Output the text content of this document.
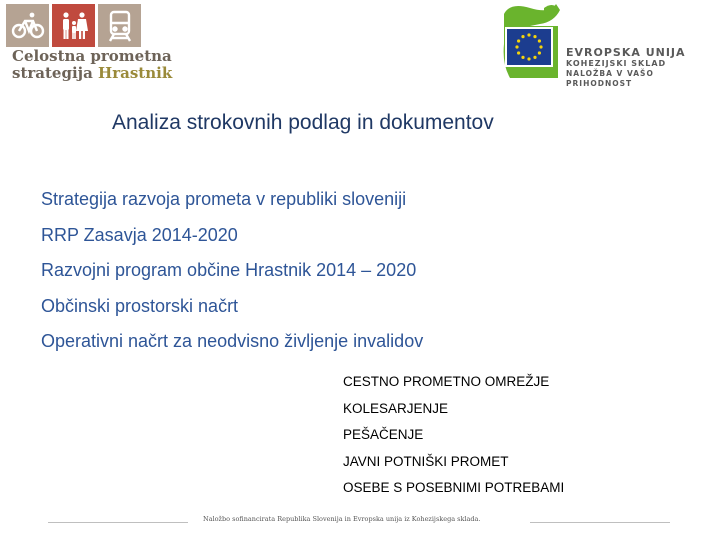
Celostna prometna
strategija Hrastnik
EVROPSKA UNIJA
KOHEZIJSKI SKLAD
NALOŽBA V VAŠO PRIHODNOST
Analiza strokovnih podlag in dokumentov
Strategija razvoja prometa v republiki sloveniji
RRP Zasavja 2014-2020
Razvojni program občine Hrastnik 2014 – 2020
Občinski prostorski načrt
Operativni načrt za neodvisno življenje invalidov
CESTNO PROMETNO OMREŽJE
KOLESARJENJE
PEŠAČENJE
JAVNI POTNIŠKI PROMET
OSEBE S POSEBNIMI POTREBAMI
Naložbo sofinancirata Republika Slovenija in Evropska unija iz Kohezijskega sklada.
